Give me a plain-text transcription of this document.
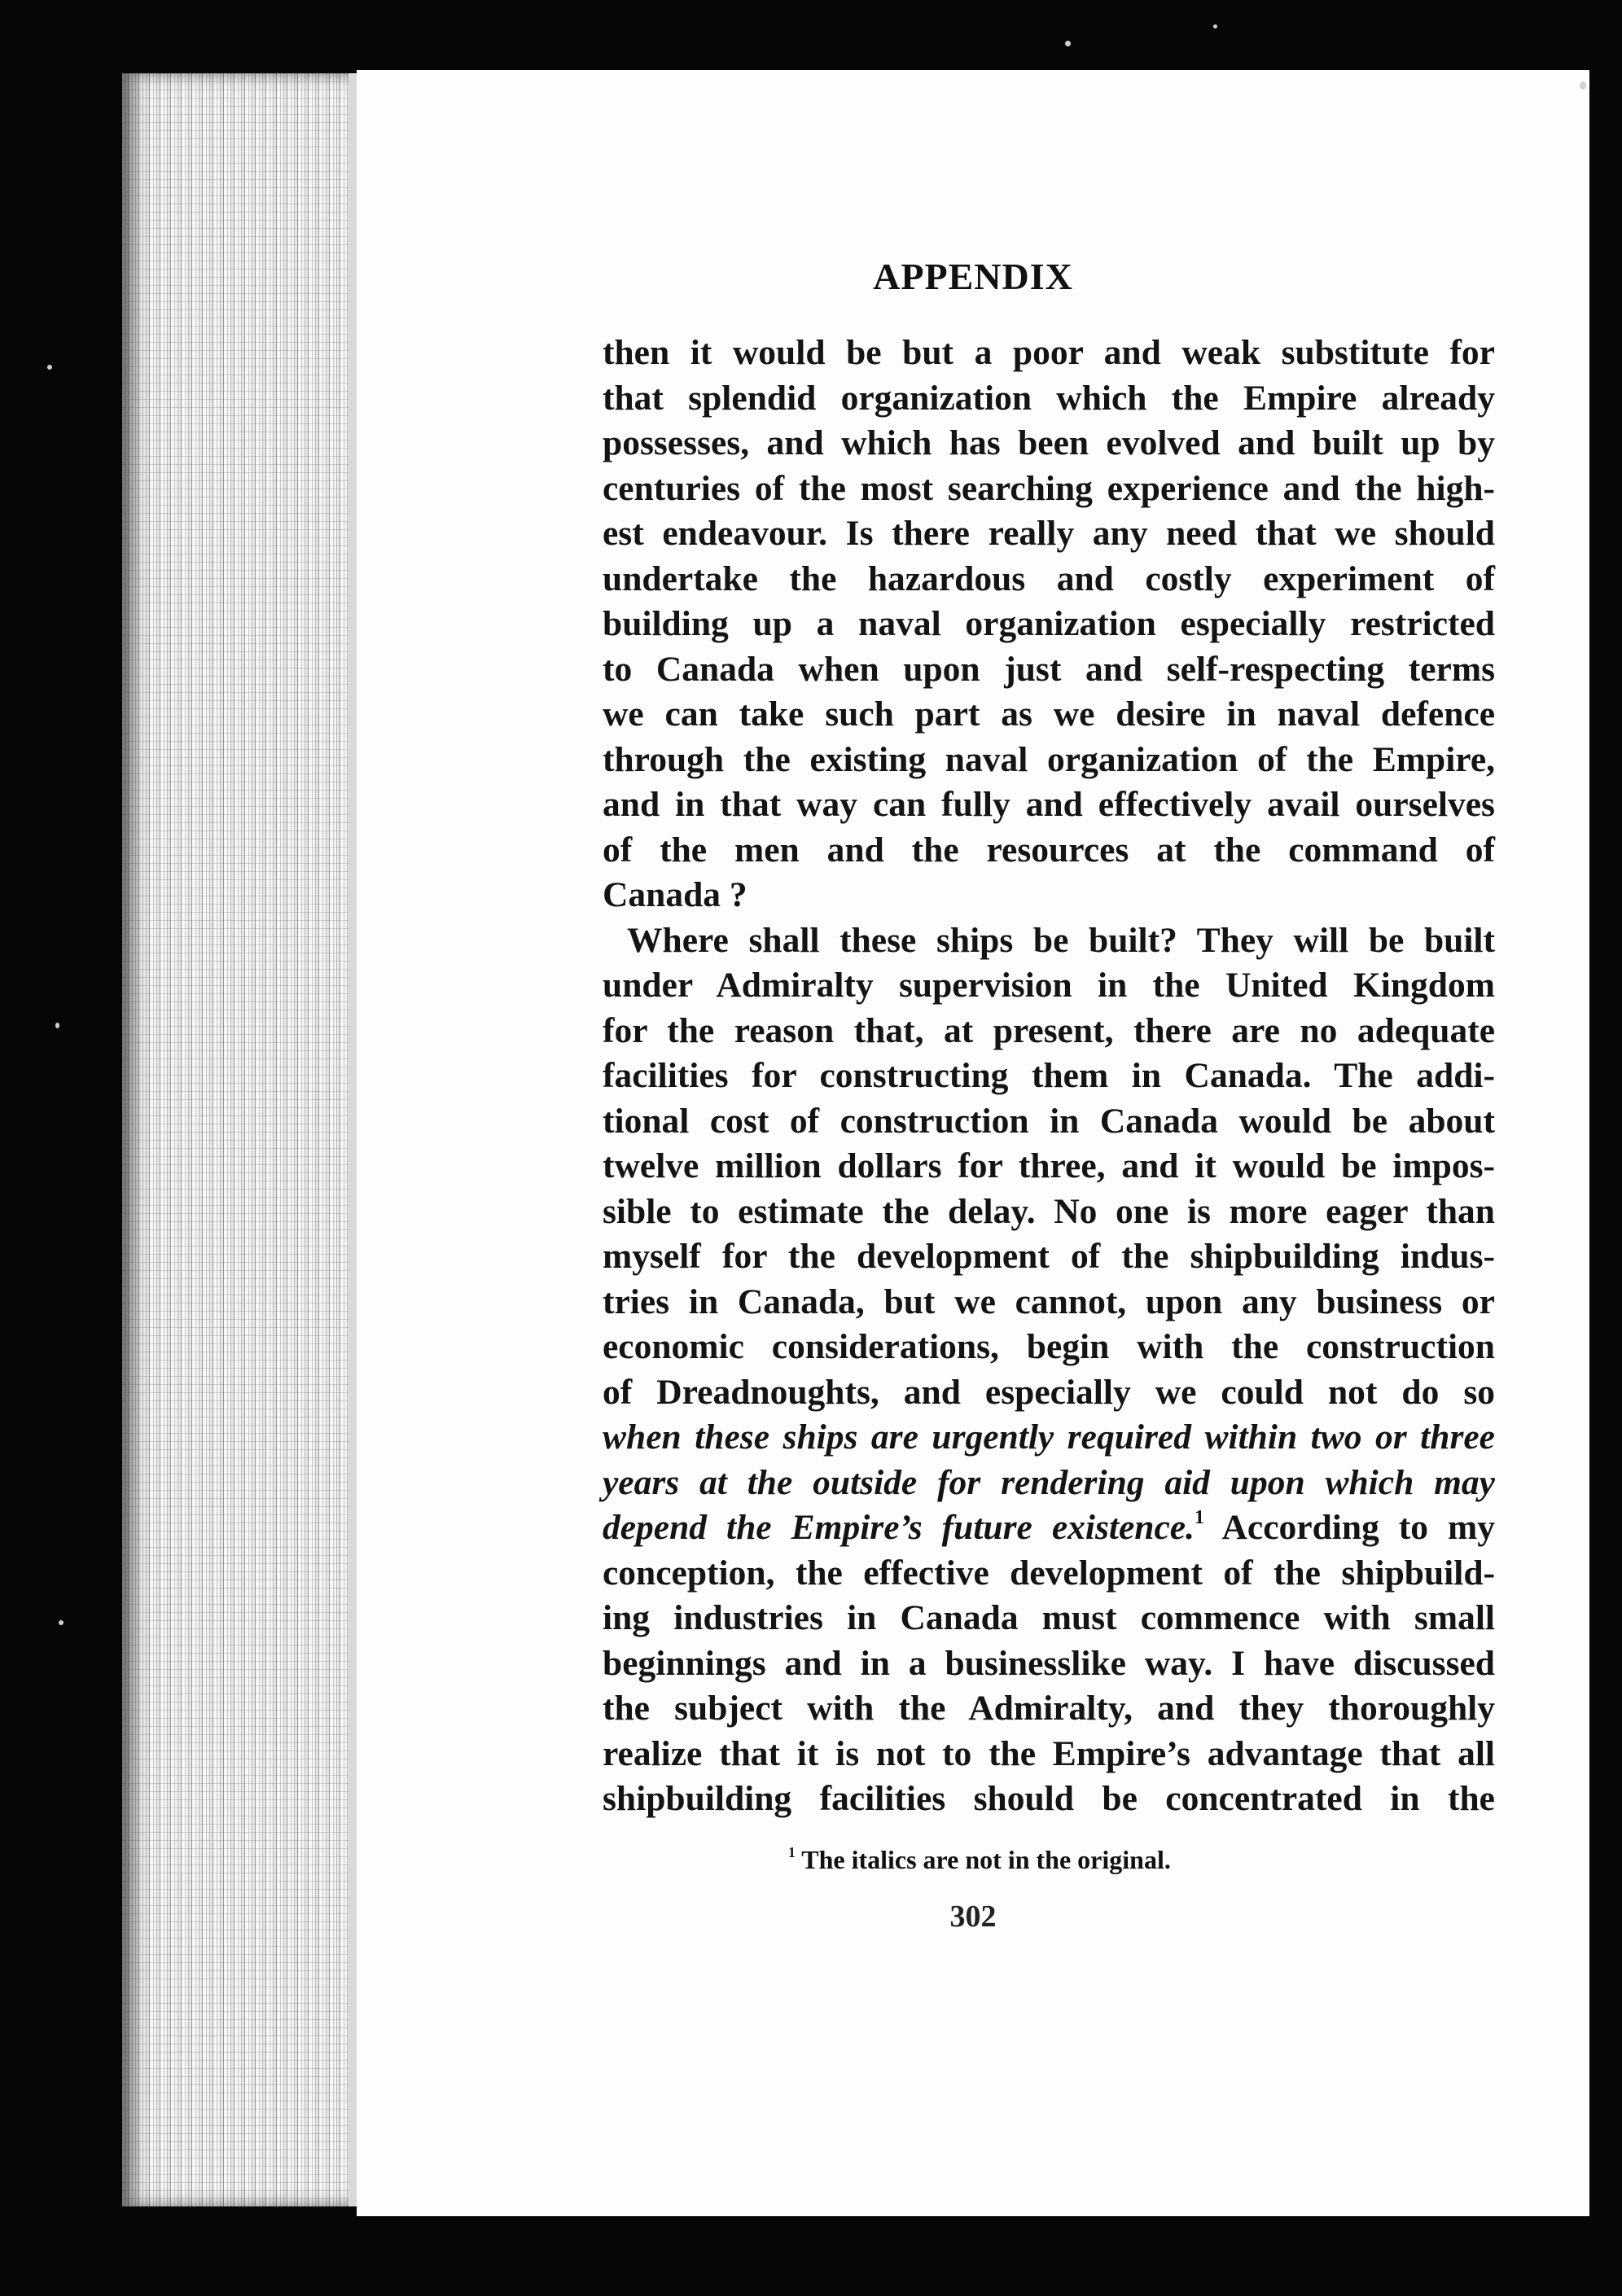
APPENDIX
then it would be but a poor and weak substitute for
that splendid organization which the Empire already
possesses, and which has been evolved and built up by
centuries of the most searching experience and the high-
est endeavour. Is there really any need that we should
undertake the hazardous and costly experiment of
building up a naval organization especially restricted
to Canada when upon just and self-respecting terms
we can take such part as we desire in naval defence
through the existing naval organization of the Empire,
and in that way can fully and effectively avail ourselves
of the men and the resources at the command of
Canada ?
Where shall these ships be built? They will be built
under Admiralty supervision in the United Kingdom
for the reason that, at present, there are no adequate
facilities for constructing them in Canada. The addi-
tional cost of construction in Canada would be about
twelve million dollars for three, and it would be impos-
sible to estimate the delay. No one is more eager than
myself for the development of the shipbuilding indus-
tries in Canada, but we cannot, upon any business or
economic considerations, begin with the construction
of Dreadnoughts, and especially we could not do so
when these ships are urgently required within two or three
years at the outside for rendering aid upon which may
depend the Empire’s future existence.$^1$ According to my
conception, the effective development of the shipbuild-
ing industries in Canada must commence with small
beginnings and in a businesslike way. I have discussed
the subject with the Admiralty, and they thoroughly
realize that it is not to the Empire’s advantage that all
shipbuilding facilities should be concentrated in the
$^1$ The italics are not in the original.
302
